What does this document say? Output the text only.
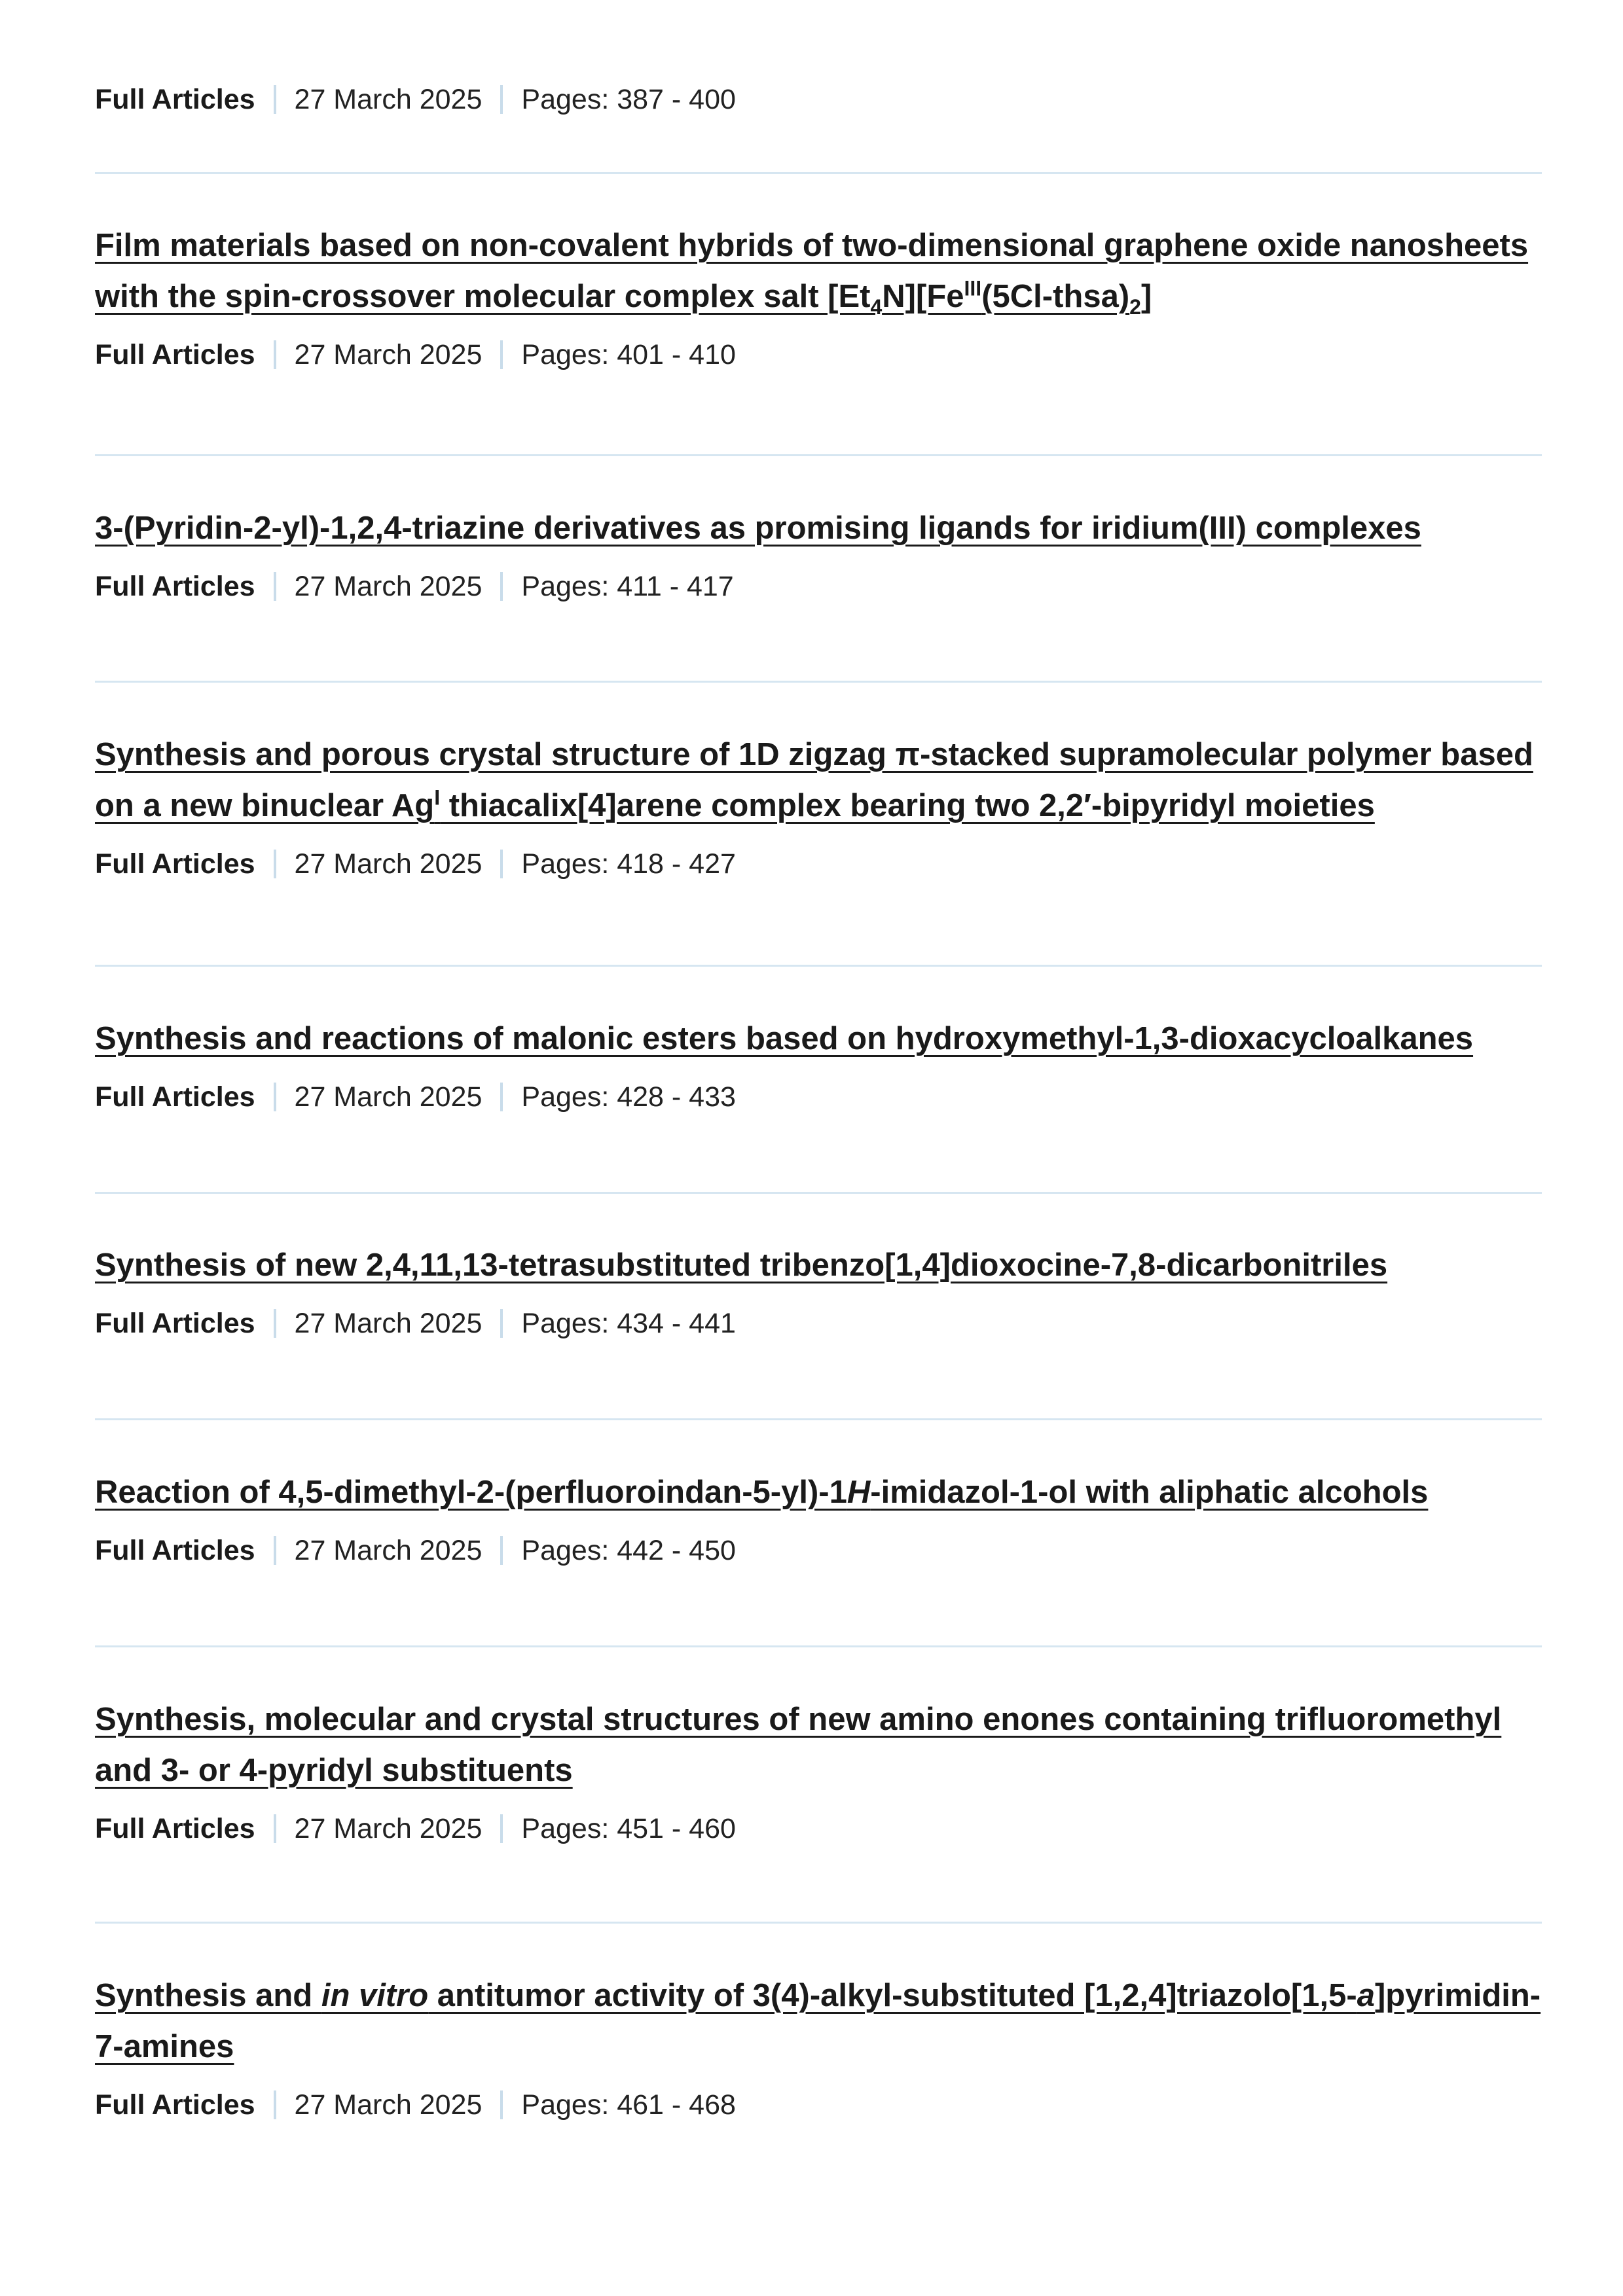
Full Articles 27 March 2025 Pages: 387 - 400
Film materials based on non-covalent hybrids of two-dimensional graphene oxide nanosheets with the spin-crossover molecular complex salt $[Et_4N][Fe^{III}(5Cl-thsa)_2]$
Full Articles 27 March 2025 Pages: 401 - 410
3-(Pyridin-2-yl)-1,2,4-triazine derivatives as promising ligands for iridium(III) complexes
Full Articles 27 March 2025 Pages: 411 - 417
Synthesis and porous crystal structure of 1D zigzag π-stacked supramolecular polymer based on a new binuclear $Ag^I$ thiacalix[4]arene complex bearing two 2,2′-bipyridyl moieties
Full Articles 27 March 2025 Pages: 418 - 427
Synthesis and reactions of malonic esters based on hydroxymethyl-1,3-dioxacycloalkanes
Full Articles 27 March 2025 Pages: 428 - 433
Synthesis of new 2,4,11,13-tetrasubstituted tribenzo[1,4]dioxocine-7,8-dicarbonitriles
Full Articles 27 March 2025 Pages: 434 - 441
Reaction of 4,5-dimethyl-2-(perfluoroindan-5-yl)-1H-imidazol-1-ol with aliphatic alcohols
Full Articles 27 March 2025 Pages: 442 - 450
Synthesis, molecular and crystal structures of new amino enones containing trifluoromethyl and 3- or 4-pyridyl substituents
Full Articles 27 March 2025 Pages: 451 - 460
Synthesis and in vitro antitumor activity of 3(4)-alkyl-substituted [1,2,4]triazolo[1,5-a]pyrimidin-7-amines
Full Articles 27 March 2025 Pages: 461 - 468
